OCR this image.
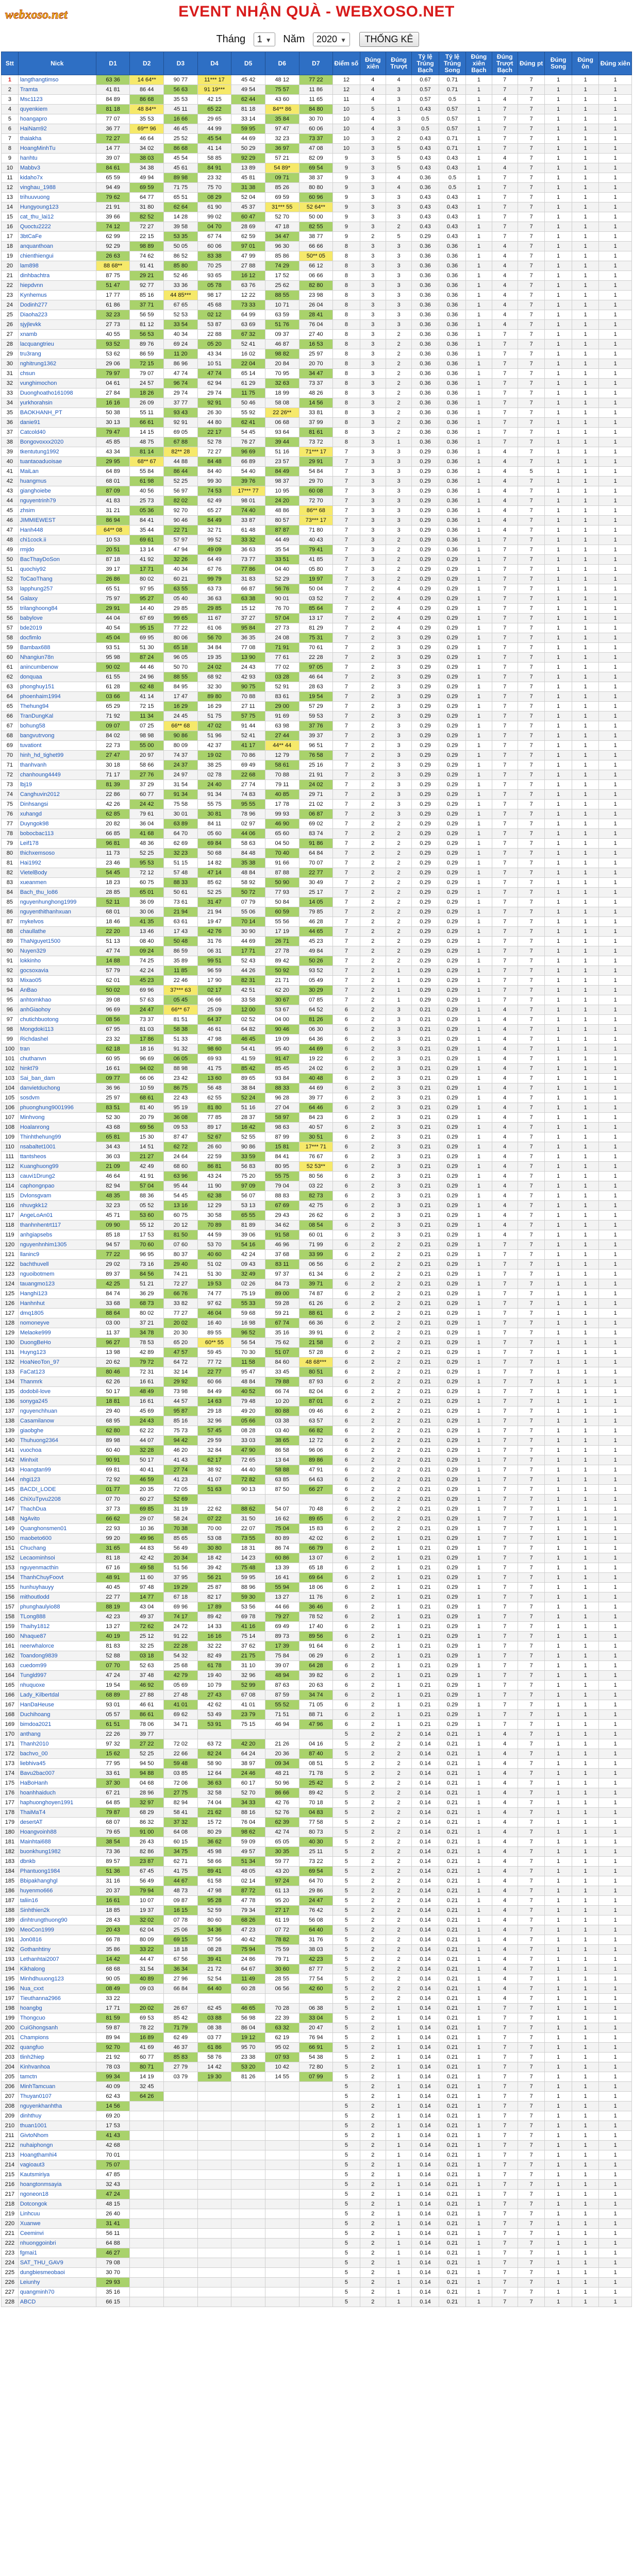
webxoso.net	EVENT NHẬN QUÀ - WEBXOSO.NET
Tháng 1 ▼ Năm 2020 ▼ THỐNG KÊ
Stt	Nick	D1	D2	D3	D4	D5	D6	D7	Điểm số	Đúng xiên	Đúng Trượt	Tỷ lệ Trúng Bạch	Tỷ lệ Trúng Song	Đúng xiên Bạch	Đúng Trượt Bạch	Đúng pt	Đúng Song	Đúng ôn	Đúng xiên
1	langthangtimso	63 36	14 64**	90 77	11*** 17	45 42	48 12	77 22	12	4	4	0.67	0.71	1	7	7	1	1	1
2	Tramta	41 81	86 44	56 63	91 19***	49 54	75 57	11 86	12	4	3	0.57	0.71	1	7	7	1	1	1
3	Msc1123	84 89	86 68	35 53	42 15	62 44	43 60	11 65	11	4	3	0.57	0.5	1	4	7	1	1	1
4	quyenkiem	81 18	48 84**	45 11	65 22	81 18	84** 86	84 80	10	5	1	0.43	0.57	1	7	7	1	1	1
5	hoangapro	77 07	35 53	16 66	29 65	33 14	35 84	30 70	10	4	3	0.5	0.57	1	7	7	1	1	1
6	HaiNam92	36 77	69** 96	46 45	44 99	59 95	97 47	60 06	10	4	3	0.5	0.57	1	7	7	1	1	1
7	thaiakha	72 27	46 64	25 52	45 54	44 69	32 23	73 37	10	3	2	0.43	0.71	1	7	7	1	1	1
8	HoangMinhTu	14 77	34 02	86 68	41 14	50 29	36 97	47 08	10	3	5	0.43	0.71	1	7	7	1	1	1
9	hanhtu	39 07	38 03	45 54	58 85	92 29	57 21	82 09	9	3	5	0.43	0.43	1	4	7	1	1	1
10	Mabbv3	84 61	34 38	45 61	84 91	13 89	54 89*	69 54	9	3	5	0.43	0.43	1	4	7	1	1	1
11	kidaho7x	65 59	49 94	89 98	23 32	45 81	09 71	38 37	9	3	4	0.36	0.5	1	7	7	1	1	1
12	vinghau_1988	94 49	69 59	71 75	75 70	31 38	85 26	80 80	9	3	4	0.36	0.5	1	7	7	1	1	1
13	trihuuvuong	79 62	64 77	65 51	08 29	52 04	69 59	60 96	9	3	3	0.43	0.43	1	7	7	1	1	1
14	Hungyoung123	21 91	31 80	62 64	61 90	45 37	31*** 55	52 64**	9	3	3	0.43	0.43	1	7	7	1	1	1
15	cat_thu_lai12	39 66	82 52	14 28	99 02	60 47	52 70	50 00	9	3	3	0.43	0.43	1	7	7	1	1	1
16	Quoctu2222	74 12	72 27	39 58	04 70	28 69	47 18	82 55	9	3	2	0.43	0.43	1	7	7	1	1	1
17	3btCaFe	62 99	22 15	53 35	67 74	62 59	34 47	38 77	9	2	5	0.29	0.43	1	7	7	1	1	1
18	anquanthoan	92 29	98 89	50 05	60 06	97 01	96 30	66 66	8	3	3	0.36	0.36	1	4	7	1	1	1
19	chienthiengui	26 63	74 62	86 52	83 38	47 99	85 86	50** 05	8	3	3	0.36	0.36	1	4	7	1	1	1
20	lam898	88 68**	91 41	85 80	70 25	27 88	74 29	66 12	8	3	3	0.36	0.36	1	4	7	1	1	1
21	dinhbachtra	87 75	29 21	52 46	93 65	16 12	17 52	06 66	8	3	3	0.36	0.36	1	4	7	1	1	1
22	hiepdvnn	51 47	92 77	33 36	05 78	63 76	25 62	82 80	8	3	3	0.36	0.36	1	4	7	1	1	1
23	Kynhemus	17 77	85 16	44 85***	98 17	12 22	88 55	23 98	8	3	3	0.36	0.36	1	4	7	1	1	1
24	Dodinh277	61 86	37 71	67 65	45 68	73 33	10 71	26 04	8	3	3	0.36	0.36	1	4	7	1	1	1
25	Diaoha223	32 23	56 59	52 53	02 12	64 99	63 59	28 41	8	3	3	0.36	0.36	1	4	7	1	1	1
26	sjyjlevkk	27 73	81 12	33 54	53 87	63 69	51 76	76 04	8	3	3	0.36	0.36	1	4	7	1	1	1
27	xnamb	40 55	56 53	40 34	22 88	67 32	09 37	27 40	8	3	2	0.36	0.36	1	7	7	1	1	1
28	lacquangtrieu	93 52	89 76	69 24	05 20	52 41	46 87	16 53	8	3	2	0.36	0.36	1	7	7	1	1	1
29	tru3rang	53 62	86 59	11 20	43 34	16 02	98 82	25 97	8	3	2	0.36	0.36	1	7	7	1	1	1
30	nghitrung1362	29 06	72 15	86 96	10 51	22 04	20 84	20 70	8	3	2	0.36	0.36	1	7	7	1	1	1
31	chsun	79 97	79 07	47 74	47 74	65 14	70 95	34 47	8	3	2	0.36	0.36	1	7	7	1	1	1
32	vunghimochon	04 61	24 57	96 74	62 94	61 29	32 63	73 37	8	3	2	0.36	0.36	1	7	7	1	1	1
33	Duonghoatho161098	27 84	18 26	29 74	29 74	11 75	18 99	48 26	8	3	2	0.36	0.36	1	7	7	1	1	1
34	yurkhorahsin	16 16	26 09	37 77	92 91	50 46	58 08	14 56	8	3	2	0.36	0.36	1	7	7	1	1	1
35	BAOKHANH_PT	50 38	55 11	93 43	26 30	55 92	22 26**	33 81	8	3	2	0.36	0.36	1	7	7	1	1	1
36	danie91	30 13	66 61	92 91	44 80	62 41	06 68	37 99	8	3	2	0.36	0.36	1	7	7	1	1	1
37	Catcold40	79 47	14 15	69 05	22 17	54 45	93 64	81 61	8	3	2	0.36	0.36	1	7	7	1	1	1
38	Bongovoxxx2020	45 85	48 75	67 88	52 78	76 27	39 44	73 72	8	3	1	0.36	0.36	1	7	7	1	1	1
39	tkentutung1992	43 34	81 14	82** 28	72 27	96 69	51 16	71*** 17	7	3	3	0.29	0.36	1	4	7	1	1	1
40	tuantaoaduoisae	29 95	68** 67	44 88	84 48	66 89	23 57	29 91	7	3	3	0.29	0.36	1	4	7	1	1	1
41	MaiLan	64 89	55 84	86 44	84 40	54 40	84 49	54 84	7	3	3	0.29	0.36	1	4	5	1	1	1
42	huangmus	68 01	61 98	52 25	99 30	39 76	98 37	29 70	7	3	3	0.29	0.36	1	4	7	1	1	1
43	gianghoiebe	87 09	40 56	56 97	74 53	17*** 77	10 95	60 08	7	3	3	0.29	0.36	1	4	7	1	1	1
44	nguyentrinh79	41 83	25 73	82 02	62 49	98 01	24 20	72 70	7	3	3	0.29	0.36	1	4	7	1	1	1
45	zhsim	31 21	05 36	92 70	65 27	74 40	48 86	86** 68	7	3	3	0.29	0.36	1	4	7	1	1	1
46	JIMMIEWEST	86 94	84 41	90 46	84 49	33 87	80 57	73*** 17	7	3	3	0.29	0.36	1	4	7	1	1	1
47	Hanh448	64** 08	35 44	22 71	32 71	61 48	87 87	71 80	7	3	3	0.29	0.36	1	4	7	1	1	1
48	chi1cock.ii	10 53	69 61	57 97	99 52	33 32	44 49	40 43	7	3	2	0.29	0.36	1	7	7	1	1	1
49	rmjdo	20 51	13 14	47 94	49 09	36 63	35 54	79 41	7	3	2	0.29	0.36	1	7	7	1	1	1
50	BacThayDoSon	87 18	41 92	32 26	64 49	73 77	33 51	41 85	7	3	2	0.29	0.29	1	7	7	1	1	1
51	quochiy92	39 17	17 71	40 34	67 76	77 86	04 40	05 80	7	3	2	0.29	0.29	1	7	7	1	1	1
52	ToCaoThang	26 86	80 02	60 21	99 79	31 83	52 29	19 97	7	3	2	0.29	0.29	1	7	7	1	1	1
53	lapphung257	65 51	97 95	63 55	63 73	66 87	56 76	50 04	7	2	4	0.29	0.29	1	7	7	1	1	1
54	Galaxy	75 97	95 27	05 40	36 63	63 38	90 01	03 52	7	2	4	0.29	0.29	1	7	7	1	1	1
55	trilanghoong84	29 91	14 40	29 85	29 85	15 12	76 70	85 64	7	2	4	0.29	0.29	1	7	7	1	1	1
56	babylove	44 04	67 69	99 65	11 67	37 27	57 04	13 17	7	2	4	0.29	0.29	1	7	7	1	1	1
57	bde2019	40 54	95 15	77 22	61 06	95 84	27 73	81 29	7	2	4	0.29	0.29	1	7	7	1	1	1
58	docfimlo	45 04	69 95	80 06	56 70	36 35	24 08	75 31	7	2	3	0.29	0.29	1	7	7	1	1	1
59	Bambax688	93 51	51 30	65 18	34 84	77 08	71 91	70 61	7	2	3	0.29	0.29	1	7	7	1	1	1
60	Nhangiun78n	95 98	87 24	96 05	19 35	13 90	77 61	22 28	7	2	3	0.29	0.29	1	7	7	1	1	1
61	anincumbenow	90 02	44 46	50 70	24 02	24 43	77 02	97 05	7	2	3	0.29	0.29	1	7	7	1	1	1
62	donquaa	61 55	24 96	88 55	68 92	42 93	03 28	46 64	7	2	3	0.29	0.29	1	7	7	1	1	1
63	phonghuy151	61 28	62 48	84 95	32 30	90 75	52 91	28 63	7	2	3	0.29	0.29	1	7	7	1	1	1
64	phoenhaim1994	03 66	41 14	17 47	89 80	70 88	83 61	19 54	7	2	3	0.29	0.29	1	7	7	1	1	1
65	Thehung94	65 29	72 15	16 29	16 29	27 11	29 00	57 29	7	2	3	0.29	0.29	1	7	7	1	1	1
66	TranDungKal	71 92	11 34	24 45	51 75	57 75	91 69	59 53	7	2	3	0.29	0.29	1	7	7	1	1	1
67	bohung58	09 07	07 25	66** 68	47 02	91 44	63 98	37 76	7	2	3	0.29	0.29	1	7	7	1	1	1
68	bangvutrvong	84 02	98 98	90 86	51 96	52 41	27 44	39 37	7	2	3	0.29	0.29	1	7	7	1	1	1
69	tuvationt	22 73	55 00	80 09	42 37	41 17	44** 44	96 51	7	2	3	0.29	0.29	1	7	7	1	1	1
70	hinh_hd_tighet99	27 47	20 97	74 37	19 02	70 86	12 79	76 58	7	2	3	0.29	0.29	1	7	7	1	1	1
71	thanhvanh	30 18	58 66	24 37	38 25	69 49	58 61	25 16	7	2	3	0.29	0.29	1	7	7	1	1	1
72	chanhoung4449	71 17	27 76	24 97	02 78	22 68	70 88	21 91	7	2	3	0.29	0.29	1	7	7	1	1	1
73	lbj19	81 39	37 29	31 54	24 40	27 74	79 11	24 02	7	2	3	0.29	0.29	1	7	7	1	1	1
74	Canghuvin2012	22 86	60 77	91 34	91 34	74 83	40 85	29 71	7	2	3	0.29	0.29	1	7	7	1	1	1
75	Dinhsangsi	42 26	24 42	75 58	55 75	95 55	17 78	21 02	7	2	3	0.29	0.29	1	7	7	1	1	1
76	xuhangd	62 85	79 61	30 01	30 81	78 96	99 93	06 87	7	2	3	0.29	0.29	1	7	7	1	1	1
77	Duyngok98	20 82	36 04	63 89	84 11	02 97	46 90	69 02	7	2	2	0.29	0.29	1	7	7	1	1	1
78	bobocbac113	66 85	41 68	64 70	05 60	44 06	65 60	83 74	7	2	2	0.29	0.29	1	7	7	1	1	1
79	Leif178	96 81	48 36	62 69	69 84	58 63	04 50	91 86	7	2	2	0.29	0.29	1	7	7	1	1	1
80	thichxemsoso	11 73	52 25	32 23	50 68	84 48	70 40	64 84	7	2	2	0.29	0.29	1	7	7	1	1	1
81	Hai1992	23 46	95 53	51 15	14 82	35 38	91 66	70 07	7	2	2	0.29	0.29	1	7	7	1	1	1
82	VietelBody	54 45	72 12	57 48	47 14	48 84	87 88	22 77	7	2	2	0.29	0.29	1	7	7	1	1	1
83	xueanmen	18 23	60 75	88 33	85 62	58 92	50 90	30 49	7	2	2	0.29	0.29	1	7	7	1	1	1
84	Bach_thu_lo86	28 85	65 01	50 61	52 25	50 72	77 93	25 17	7	2	2	0.29	0.29	1	7	7	1	1	1
85	nguyenhunghong1999	52 11	36 09	73 61	31 47	07 79	50 84	14 05	7	2	2	0.29	0.29	1	7	7	1	1	1
86	nguyenthithanhxuan	68 01	30 06	21 94	21 94	55 06	60 59	79 85	7	2	2	0.29	0.29	1	7	7	1	1	1
87	mykelvos	18 46	41 35	63 61	19 47	70 14	55 56	46 28	7	2	2	0.29	0.29	1	7	7	1	1	1
88	chaullathe	22 20	13 46	17 43	42 76	30 90	17 19	44 65	7	2	2	0.29	0.29	1	7	7	1	1	1
89	ThaNguyet1500	51 13	08 40	50 48	31 76	44 69	26 71	45 23	7	2	2	0.29	0.29	1	7	7	1	1	1
90	Nuyen329	47 74	09 24	86 59	06 31	17 71	27 78	49 84	7	2	2	0.29	0.29	1	7	7	1	1	1
91	lokkinho	14 88	74 25	35 89	99 51	52 43	89 42	50 26	7	2	2	0.29	0.29	1	7	7	1	1	1
92	gocsoxavia	57 79	42 24	11 85	96 59	44 26	50 92	93 52	7	2	1	0.29	0.29	1	7	7	1	1	1
93	Mixao05	62 01	45 23	22 46	17 90	82 31	21 71	05 49	7	2	1	0.29	0.29	1	7	7	1	1	1
94	AnBao	50 02	69 96	37*** 63	02 17	42 51	62 20	30 29	7	2	1	0.29	0.29	1	7	7	1	1	1
95	anhtomkhao	39 08	57 63	05 45	06 66	33 58	30 67	07 85	7	2	1	0.29	0.29	1	7	7	1	1	1
96	anhGiaohoy	96 69	24 47	66** 67	25 09	12 00	53 67	64 52	6	2	3	0.21	0.29	1	4	7	1	1	1
97	chutichbuotong	08 56	73 37	81 51	64 37	02 52	04 00	81 26	6	2	3	0.21	0.29	1	4	7	1	1	1
98	Mongdoki113	67 95	81 03	58 38	46 61	64 82	90 46	06 30	6	2	3	0.21	0.29	1	4	7	1	1	1
99	Richdashel	23 32	17 86	51 33	47 98	46 45	19 09	64 36	6	2	3	0.21	0.29	1	4	7	1	1	1
100	tran	62 18	18 16	91 32	98 60	54 41	95 40	44 69	6	2	3	0.21	0.29	1	4	7	1	1	1
101	chuthanvn	60 95	96 69	06 05	69 93	41 59	91 47	19 22	6	2	3	0.21	0.29	1	4	7	1	1	1
102	hinkt79	16 61	94 02	88 98	41 75	85 42	85 45	24 02	6	2	3	0.21	0.29	1	4	7	1	1	1
103	Sai_ban_dam	09 77	66 06	23 42	13 60	89 65	93 84	40 48	6	2	3	0.21	0.29	1	4	7	1	1	1
104	danvietduchong	36 96	10 59	86 75	56 48	38 84	88 33	44 69	6	2	3	0.21	0.29	1	4	7	1	1	1
105	sosdvm	25 97	68 61	22 43	62 55	52 24	96 28	39 77	6	2	3	0.21	0.29	1	4	7	1	1	1
106	phuonghung9001996	83 51	81 40	95 19	81 80	51 16	27 04	64 46	6	2	3	0.21	0.29	1	4	7	1	1	1
107	Minhvong	52 30	20 79	36 08	77 85	28 37	58 97	84 23	6	2	3	0.21	0.29	1	4	7	1	1	1
108	Hoalanrong	43 68	69 56	09 53	89 17	16 42	98 63	40 57	6	2	3	0.21	0.29	1	4	7	1	1	1
109	Thinhthehung99	65 81	15 30	87 47	52 67	52 55	87 99	30 51	6	2	3	0.21	0.29	1	4	7	1	1	1
110	nsabaltet1001	34 43	14 51	62 72	26 60	90 86	15 81	17*** 71	6	2	3	0.21	0.29	1	4	7	1	1	1
111	ttantsheos	36 03	21 27	24 64	22 59	33 59	84 41	76 67	6	2	3	0.21	0.29	1	4	7	1	1	1
112	Kuanghuong99	21 09	42 49	68 60	86 81	56 83	80 95	52 53**	6	2	3	0.21	0.29	1	4	7	1	1	1
113	cauvi1Drung2	46 64	41 91	63 96	43 24	75 20	55 75	80 56	6	2	3	0.21	0.29	1	4	7	1	1	1
114	caphongnpao	82 94	57 04	95 44	11 90	97 09	79 04	03 22	6	2	3	0.21	0.29	1	4	7	1	1	1
115	Dvlonsgvam	48 35	88 36	54 45	62 38	56 07	88 83	82 73	6	2	3	0.21	0.29	1	4	7	1	1	1
116	nhuvgkk12	32 23	05 52	13 16	12 29	53 13	67 69	42 75	6	2	3	0.21	0.29	1	4	7	1	1	1
117	AngeLoAn01	45 71	53 60	60 75	30 58	65 55	29 43	26 62	6	2	3	0.21	0.29	1	4	7	1	1	1
118	thanhnhentrt117	09 90	55 12	20 12	70 89	81 89	34 62	08 54	6	2	3	0.21	0.29	1	4	7	1	1	1
119	anhgiapsebs	85 18	17 53	81 50	44 59	39 06	91 58	60 01	6	2	3	0.21	0.29	1	4	7	1	1	1
120	nguyenhnhim1305	94 57	70 60	07 60	53 70	54 16	46 96	71 99	6	2	2	0.21	0.29	1	7	7	1	1	1
121	llaninc9	77 22	96 95	80 37	40 60	42 24	37 68	33 99	6	2	2	0.21	0.29	1	7	7	1	1	1
122	bachthuvell	29 02	73 16	29 40	51 02	09 43	83 11	06 56	6	2	2	0.21	0.29	1	7	7	1	1	1
123	nguoibotmem	89 37	84 56	74 21	51 30	32 49	97 37	61 34	6	2	2	0.21	0.29	1	7	7	1	1	1
124	tauangmo123	42 25	51 21	72 27	19 53	02 26	84 73	39 71	6	2	2	0.21	0.29	1	7	7	1	1	1
125	Hanghi123	84 74	36 29	66 76	74 77	75 19	89 00	74 87	6	2	2	0.21	0.29	1	7	7	1	1	1
126	Hanhnhut	33 68	68 73	33 82	97 62	55 33	59 28	61 26	6	2	2	0.21	0.29	1	7	7	1	1	1
127	dmq1805	88 64	80 02	77 27	46 04	59 68	59 21	88 61	6	2	2	0.21	0.29	1	7	7	1	1	1
128	nomoneyve	03 00	37 21	20 02	16 40	16 98	67 74	66 36	6	2	2	0.21	0.29	1	7	7	1	1	1
129	Melaoke999	11 37	34 78	20 30	89 55	96 52	35 16	39 91	6	2	2	0.21	0.29	1	7	7	1	1	1
130	DuongBeHo	96 27	78 53	65 20	60** 55	56 54	75 62	21 58	6	2	2	0.21	0.29	1	7	7	1	1	1
131	Huyng123	13 98	42 89	47 57	59 45	70 30	51 07	57 28	6	2	2	0.21	0.29	1	7	7	1	1	1
132	HoaNeoTon_97	20 62	79 72	64 72	77 72	11 58	84 60	48 68***	6	2	2	0.21	0.29	1	7	7	1	1	1
133	FaCat123	80 46	72 31	32 14	22 77	95 47	33 45	80 51	6	2	2	0.21	0.29	1	7	7	1	1	1
134	Thanmrk	62 26	16 61	29 92	60 66	48 84	79 88	87 93	6	2	2	0.21	0.29	1	7	7	1	1	1
135	dodobil-love	50 17	48 49	73 98	84 49	40 52	66 74	82 04	6	2	2	0.21	0.29	1	7	7	1	1	1
136	sonyga245	18 81	16 61	44 57	14 63	79 48	10 20	87 01	6	2	2	0.21	0.29	1	7	7	1	1	1
137	nguyenchhuan	29 40	45 69	95 87	29 18	49 20	80 88	09 46	6	2	2	0.21	0.29	1	7	7	1	1	1
138	Casamilanow	68 95	24 43	85 16	32 96	05 66	03 38	63 57	6	2	2	0.21	0.29	1	7	7	1	1	1
139	giaobghe	62 80	62 22	75 73	57 45	08 28	03 40	66 82	6	2	2	0.21	0.29	1	7	7	1	1	1
140	Thuhuong2364	89 98	44 07	94 42	29 59	33 03	38 65	12 72	6	2	2	0.21	0.29	1	7	7	1	1	1
141	vuochoa	60 40	32 28	46 20	32 84	47 90	86 58	96 06	6	2	2	0.21	0.29	1	7	7	1	1	1
142	Minhxit	90 91	50 17	41 43	62 17	72 65	13 64	89 86	6	2	2	0.21	0.29	1	7	7	1	1	1
143	Hoangtan99	69 81	40 41	27 74	38 92	44 40	58 88	47 91	6	2	2	0.21	0.29	1	7	7	1	1	1
144	nhgi123	72 92	46 59	41 23	41 07	72 82	63 85	64 63	6	2	2	0.21	0.29	1	7	7	1	1	1
145	BACDI_LODE	01 77	20 35	72 05	51 63	90 13	87 50	66 27	6	2	2	0.21	0.29	1	7	7	1	1	1
146	ChiXuTpvu2208	07 70	60 27	52 69					6	2	2	0.21	0.29	1	7	7	1	1	1
147	ThachDua	37 73	69 85	31 19	22 62	88 62	54 07	70 48	6	2	2	0.21	0.29	1	7	7	1	1	1
148	NgAvito	66 62	29 07	58 24	07 22	31 50	16 62	89 65	6	2	2	0.21	0.29	1	7	7	1	1	1
149	Quanghonsmen01	22 93	10 36	70 38	70 00	22 07	75 04	15 83	6	2	2	0.21	0.29	1	7	7	1	1	1
150	maobeto600	99 20	49 96	85 65	53 08	73 55	80 89	42 02	6	2	1	0.21	0.29	1	7	7	1	1	1
151	Chuchang	31 65	44 83	56 49	30 80	18 31	86 74	66 79	6	2	1	0.21	0.29	1	7	7	1	1	1
152	Lecaominhsoi	81 18	42 42	20 34	18 42	14 23	60 86	13 07	6	2	1	0.21	0.29	1	7	7	1	1	1
153	nguyenmacthin	67 16	49 58	51 56	39 42	75 48	13 39	65 18	6	2	1	0.21	0.29	1	7	7	1	1	1
154	ThanhChuyFoovt	48 91	11 60	37 95	56 21	59 95	16 41	69 64	6	2	1	0.21	0.29	1	7	7	1	1	1
155	hunhuyhauyy	40 45	97 48	19 29	25 87	88 96	55 94	18 06	6	2	1	0.21	0.29	1	7	7	1	1	1
156	mithoutlodd	22 77	14 77	67 18	82 17	59 30	13 27	11 76	6	2	1	0.21	0.29	1	7	7	1	1	1
157	phunghaulyio88	88 19	43 04	69 96	17 89	53 56	44 66	36 46	6	2	1	0.21	0.29	1	7	7	1	1	1
158	TLong888	42 23	49 37	74 17	89 42	69 78	79 27	78 52	6	2	1	0.21	0.29	1	7	7	1	1	1
159	Thaihy1812	13 27	72 62	24 72	14 33	41 16	69 49	17 40	6	2	1	0.21	0.29	1	7	7	1	1	1
160	Nhaque87	40 19	25 12	91 22	16 16	75 14	89 73	89 56	6	2	1	0.21	0.29	1	7	7	1	1	1
161	neerwhalorce	81 83	32 25	22 28	32 22	37 62	17 39	91 64	6	2	1	0.21	0.29	1	7	7	1	1	1
162	Toandong9839	52 88	03 18	54 32	82 49	21 75	75 84	06 29	6	2	1	0.21	0.29	1	7	7	1	1	1
163	cuedom99	07 70	52 63	25 68	61 78	31 10	39 07	64 28	6	2	1	0.21	0.29	1	7	7	1	1	1
164	Tungld997	47 24	37 48	42 79	19 40	32 96	48 94	39 82	6	2	1	0.21	0.29	1	7	7	1	1	1
165	nhuquoxe	19 54	46 92	05 69	10 79	52 99	87 63	20 63	6	2	1	0.21	0.29	1	7	7	1	1	1
166	Lady_Kilbertdal	68 89	27 88	27 48	27 43	67 08	87 59	34 74	6	2	1	0.21	0.29	1	7	7	1	1	1
167	HanDaHeuse	93 01	46 61	41 01	42 62	41 01	55 52	71 05	6	2	1	0.21	0.29	1	7	7	1	1	1
168	Duchihoang	05 57	86 61	69 62	53 49	23 79	71 51	88 71	6	2	1	0.21	0.29	1	7	7	1	1	1
169	bimdoa2021	61 51	78 06	34 71	53 91	75 15	46 94	47 96	6	2	1	0.21	0.29	1	7	7	1	1	1
170	anthang	22 26	39 77						5	2	2	0.14	0.21	1	4	7	1	1	1
171	Thanh2010	97 32	27 22	72 02	63 72	42 20	21 26	04 16	5	2	2	0.14	0.21	1	4	7	1	1	1
172	bachvo_00	15 62	52 25	22 66	82 24	64 24	20 36	87 40	5	2	2	0.14	0.21	1	4	7	1	1	1
173	liebhiva45	77 95	94 50	59 48	58 90	38 97	09 34	08 51	5	2	2	0.14	0.21	1	4	7	1	1	1
174	Bavu2bac007	33 61	94 88	03 85	12 64	24 46	48 21	71 78	5	2	2	0.14	0.21	1	4	7	1	1	1
175	HaBoHanh	37 30	04 68	72 06	36 63	60 17	50 96	25 42	5	2	2	0.14	0.21	1	4	7	1	1	1
176	hoanhhaiduch	67 21	28 96	27 75	32 58	52 70	86 66	89 42	5	2	2	0.14	0.21	1	4	7	1	1	1
177	haphuonghoyen1991	64 85	32 97	82 94	74 04	34 33	42 76	70 18	5	2	2	0.14	0.21	1	4	7	1	1	1
178	ThaiMaT4	79 87	68 29	58 41	21 62	88 16	52 76	04 83	5	2	2	0.14	0.21	1	4	7	1	1	1
179	desertAT	68 07	86 32	37 32	15 72	76 04	62 39	77 58	5	2	2	0.14	0.21	1	4	7	1	1	1
180	Hoangvoinh88	79 65	91 00	64 08	80 29	98 62	42 74	80 73	5	2	2	0.14	0.21	1	4	7	1	1	1
181	Mainhtai688	38 54	26 43	60 15	36 62	59 09	65 05	40 30	5	2	2	0.14	0.21	1	4	7	1	1	1
182	buonkhung1982	73 36	82 86	34 75	45 98	49 57	30 35	25 11	5	2	2	0.14	0.21	1	4	7	1	1	1
183	dbnkb	89 57	23 87	62 71	58 66	51 34	59 77	73 22	5	2	2	0.14	0.21	1	4	7	1	1	1
184	Phantuong1984	51 36	67 45	41 75	89 41	48 05	43 20	69 54	5	2	2	0.14	0.21	1	4	7	1	1	1
185	Bbipakhanghgl	31 16	56 49	44 67	61 58	02 14	97 24	64 70	5	2	2	0.14	0.21	1	4	7	1	1	1
186	huyenmo666	20 37	79 94	48 73	47 98	87 72	61 13	29 86	5	2	2	0.14	0.21	1	4	7	1	1	1
187	taliin16	16 61	10 07	09 87	95 28	47 78	95 20	24 47	5	2	2	0.14	0.21	1	4	7	1	1	1
188	Sinhthien2k	18 85	19 37	16 15	52 59	79 34	27 17	76 42	5	2	2	0.14	0.21	1	4	7	1	1	1
189	dinhtrungthuong90	28 43	32 02	07 78	80 60	68 26	61 19	56 08	5	2	2	0.14	0.21	1	4	7	1	1	1
190	MeoCon1999	20 43	62 04	25 06	34 36	47 23	07 72	64 40	5	2	2	0.14	0.21	1	4	7	1	1	1
191	Jon0816	66 78	80 09	69 15	57 56	40 42	78 82	31 76	5	2	2	0.14	0.21	1	4	7	1	1	1
192	Gothanhtiny	35 86	33 22	18 18	08 28	75 94	75 59	38 03	5	2	2	0.14	0.21	1	4	7	1	1	1
193	Lethanhtai2007	14 42	44 47	67 56	39 41	24 86	79 71	42 23	5	2	2	0.14	0.21	1	4	7	1	1	1
194	Kikhalong	68 68	31 54	36 34	21 72	64 67	30 60	87 77	5	2	2	0.14	0.21	1	4	7	1	1	1
195	Minhdhuuong123	90 05	40 89	27 96	52 54	11 49	28 55	77 54	5	2	2	0.14	0.21	1	4	7	1	1	1
196	Nua_cxxt	08 49	09 03	66 84	64 40	60 28	06 56	42 60	5	2	2	0.14	0.21	1	4	7	1	1	1
197	Tieuthanna2966	33 22							5	2	2	0.14	0.21	1	4	7	1	1	1
198	hoangbg	17 71	20 02	26 67	62 45	46 65	70 28	06 38	5	2	1	0.14	0.21	1	7	7	1	1	1
199	Thongcuo	81 59	69 53	85 42	03 88	56 98	22 39	33 04	5	2	1	0.14	0.21	1	7	7	1	1	1
200	CuiGhongsanh	59 87	78 22	71 79	08 38	86 04	63 32	20 47	5	2	1	0.14	0.21	1	7	7	1	1	1
201	Champions	89 94	16 89	62 49	03 77	19 12	62 19	76 94	5	2	1	0.14	0.21	1	7	7	1	1	1
202	quangfuo	92 70	41 69	46 37	61 86	95 70	95 02	66 91	5	2	1	0.14	0.21	1	7	7	1	1	1
203	tlinh2hiep	21 92	60 77	85 83	58 76	23 38	07 93	54 38	5	2	1	0.14	0.21	1	7	7	1	1	1
204	Kinhvanhoa	78 03	80 71	27 79	14 42	53 20	10 42	72 80	5	2	1	0.14	0.21	1	7	7	1	1	1
205	tamctn	99 34	14 19	03 79	19 30	81 26	14 55	07 99	5	2	1	0.14	0.21	1	7	7	1	1	1
206	MinhTamcuan	40 09	32 45						5	2	1	0.14	0.21	1	7	7	1	1	1
207	Thuyan0107	62 43	64 26						5	2	1	0.14	0.21	1	7	7	1	1	1
208	nguyenkhanhtha	14 56							5	2	1	0.14	0.21	1	7	7	1	1	1
209	dinhthuy	69 20							5	2	1	0.14	0.21	1	7	7	1	1	1
210	thuan1001	17 53							5	2	1	0.14	0.21	1	7	7	1	1	1
211	GivtoNhom	41 43							5	2	1	0.14	0.21	1	7	7	1	1	1
212	nuhaiphongn	42 68							5	2	1	0.14	0.21	1	7	7	1	1	1
213	Hoangthamhi4	70 01							5	2	1	0.14	0.21	1	7	7	1	1	1
214	vagioaut3	75 07							5	2	1	0.14	0.21	1	7	7	1	1	1
215	Kautsmiriya	47 85							5	2	1	0.14	0.21	1	7	7	1	1	1
216	hoangtonmsayia	32 43							5	2	1	0.14	0.21	1	7	7	1	1	1
217	ngoneon18	47 24							5	2	1	0.14	0.21	1	7	7	1	1	1
218	Dotcongok	48 15							5	2	1	0.14	0.21	1	7	7	1	1	1
219	Linhcuu	26 40							5	2	1	0.14	0.21	1	7	7	1	1	1
220	Xuanwe	31 41							5	2	1	0.14	0.21	1	7	7	1	1	1
221	Ceeminvi	56 11							5	2	1	0.14	0.21	1	7	7	1	1	1
222	nhuonggoinbri	64 88							5	2	1	0.14	0.21	1	7	7	1	1	1
223	fgmai1	46 27							5	2	1	0.14	0.21	1	7	7	1	1	1
224	SAT_THU_GAV9	79 08							5	2	1	0.14	0.21	1	7	7	1	1	1
225	dungbiesmeobaoi	30 70							5	2	1	0.14	0.21	1	7	7	1	1	1
226	Leiunhy	29 93							5	2	1	0.14	0.21	1	7	7	1	1	1
227	quangminh70	35 16							5	2	1	0.14	0.21	1	7	7	1	1	1
228	ABCD	66 15							5	2	1	0.14	0.21	1	7	7	1	1	1
